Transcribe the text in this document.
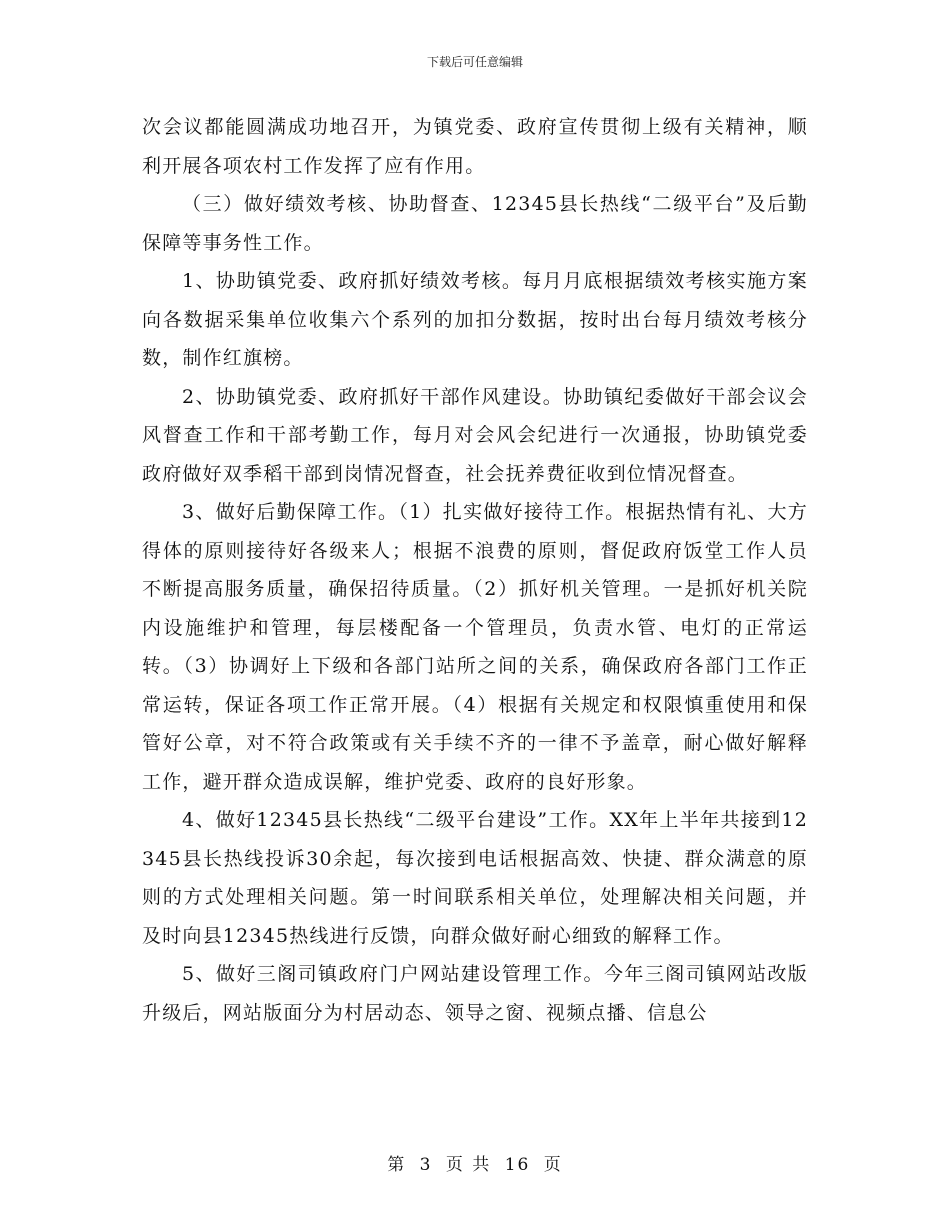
下载后可任意编辑

次会议都能圆满成功地召开，为镇党委、政府宣传贯彻上级有关精神，顺利开展各项农村工作发挥了应有作用。

（三）做好绩效考核、协助督查、12345县长热线“二级平台”及后勤保障等事务性工作。

1、协助镇党委、政府抓好绩效考核。每月月底根据绩效考核实施方案向各数据采集单位收集六个系列的加扣分数据，按时出台每月绩效考核分数，制作红旗榜。

2、协助镇党委、政府抓好干部作风建设。协助镇纪委做好干部会议会风督查工作和干部考勤工作，每月对会风会纪进行一次通报，协助镇党委政府做好双季稻干部到岗情况督查，社会抚养费征收到位情况督查。

3、做好后勤保障工作。（1）扎实做好接待工作。根据热情有礼、大方得体的原则接待好各级来人；根据不浪费的原则，督促政府饭堂工作人员不断提高服务质量，确保招待质量。（2）抓好机关管理。一是抓好机关院内设施维护和管理，每层楼配备一个管理员，负责水管、电灯的正常运转。（3）协调好上下级和各部门站所之间的关系，确保政府各部门工作正常运转，保证各项工作正常开展。（4）根据有关规定和权限慎重使用和保管好公章，对不符合政策或有关手续不齐的一律不予盖章，耐心做好解释工作，避开群众造成误解，维护党委、政府的良好形象。

4、做好12345县长热线“二级平台建设”工作。XX年上半年共接到12345县长热线投诉30余起，每次接到电话根据高效、快捷、群众满意的原则的方式处理相关问题。第一时间联系相关单位，处理解决相关问题，并及时向县12345热线进行反馈，向群众做好耐心细致的解释工作。

5、做好三阁司镇政府门户网站建设管理工作。今年三阁司镇网站改版升级后，网站版面分为村居动态、领导之窗、视频点播、信息公

第 3 页 共 16 页
